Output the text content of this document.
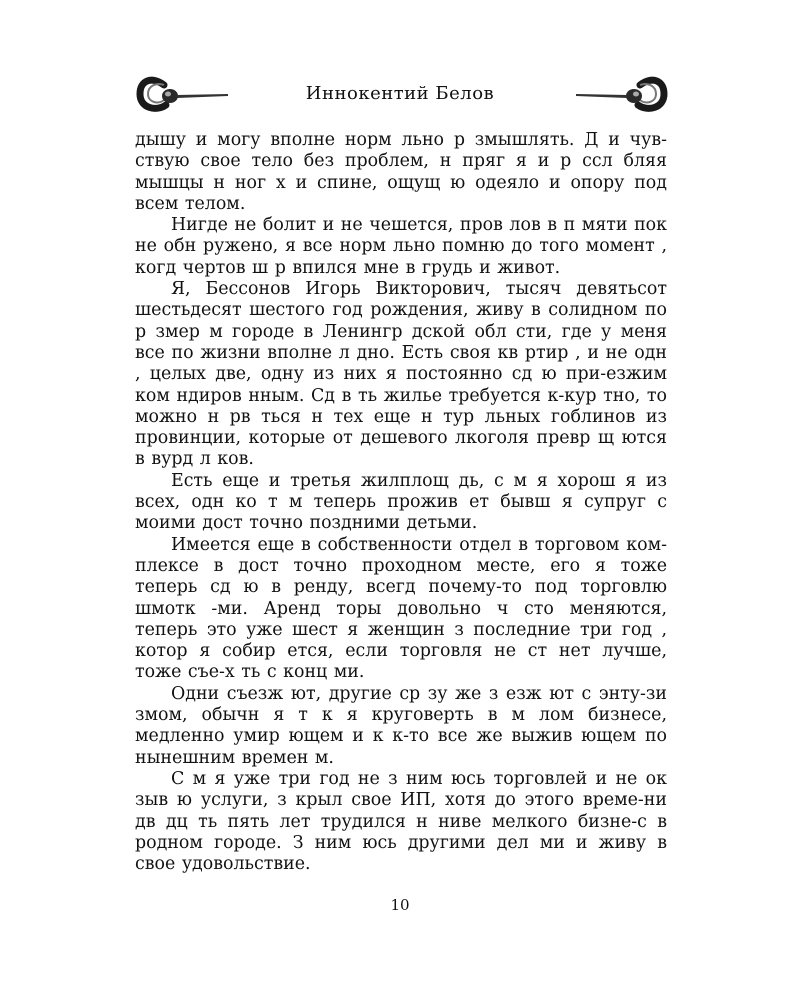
Иннокентий Белов

дышу и могу вполне норм льно р змышлять. Д и чув-ствую свое тело без проблем, н пряг я и р сcл бляя мышцы н ног х и спине, ощущ ю одеяло и опору под всем телом.

Нигде не болит и не чешется, пров лов в п мяти пок не обн ружено, я все норм льно помню до того момент , когд чертов ш р впился мне в грудь и живот.

Я, Бессонов Игорь Викторович, тысяч девятьсот шестьдесят шестого год рождения, живу в солидном по р змер м городе в Ленингр дской обл сти, где у меня все по жизни вполне л дно. Есть своя кв ртир , и не одн , целых две, одну из них я постоянно сд ю при-езжим ком ндиров нным. Сд в ть жилье требуется к-кур тно, то можно н рв ться н тех еще н тур льных гоблинов из провинции, которые от дешевого лкоголя превр щ ются в вурд л ков.

Есть еще и третья жилплощ дь, с м я хорош я из всех, одн ко т м теперь прожив ет бывш я супруг с моими дост точно поздними детьми.

Имеется еще в собственности отдел в торговом ком-плексе в дост точно проходном месте, его я тоже теперь сд ю в ренду, всегд почему-то под торговлю шмотк -ми. Аренд торы довольно ч сто меняются, теперь это уже шест я женщин з последние три год , котор я собир ется, если торговля не ст нет лучше, тоже съе-х ть с конц ми.

Одни съезж ют, другие ср зу же з езж ют с энту-зи змом, обычн я т к я круговерть в м лом бизнесе, медленно умир ющем и к к-то все же выжив ющем по нынешним времен м.

С м я уже три год не з ним юсь торговлей и не ок зыв ю услуги, з крыл свое ИП, хотя до этого време-ни дв дц ть пять лет трудился н ниве мелкого бизне-с в родном городе. З ним юсь другими дел ми и живу в свое удовольствие.

10
